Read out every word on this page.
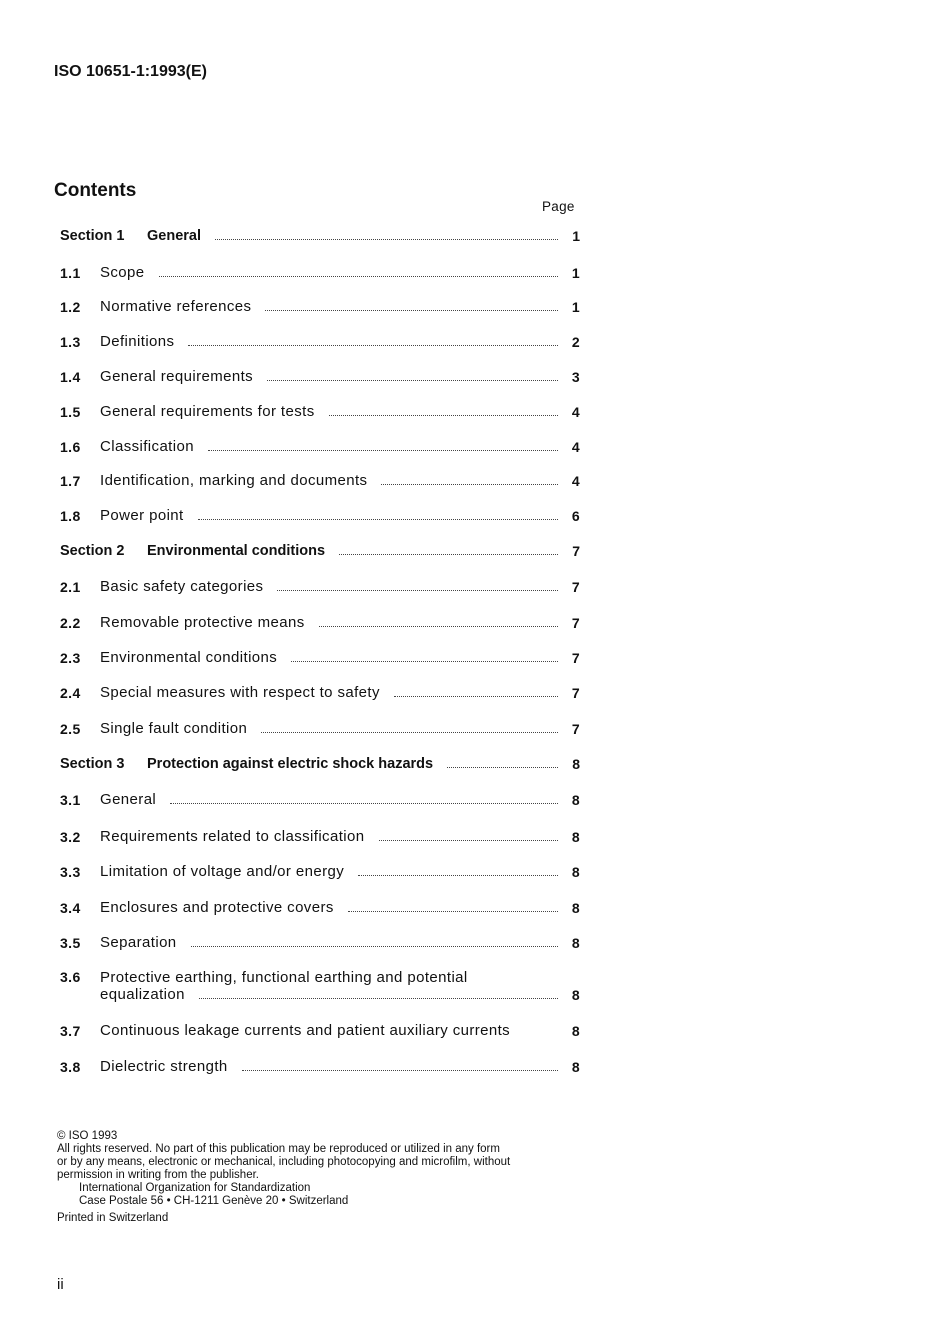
ISO 10651-1:1993(E)
Contents
Page
Section 1	General	1
1.1	Scope	1
1.2	Normative references	1
1.3	Definitions	2
1.4	General requirements	3
1.5	General requirements for tests	4
1.6	Classification	4
1.7	Identification, marking and documents	4
1.8	Power point	6
Section 2	Environmental conditions	7
2.1	Basic safety categories	7
2.2	Removable protective means	7
2.3	Environmental conditions	7
2.4	Special measures with respect to safety	7
2.5	Single fault condition	7
Section 3	Protection against electric shock hazards	8
3.1	General	8
3.2	Requirements related to classification	8
3.3	Limitation of voltage and/or energy	8
3.4	Enclosures and protective covers	8
3.5	Separation	8
3.6	Protective earthing, functional earthing and potential
equalization	8
3.7	Continuous leakage currents and patient auxiliary currents	8
3.8	Dielectric strength	8
© ISO 1993
All rights reserved. No part of this publication may be reproduced or utilized in any form
or by any means, electronic or mechanical, including photocopying and microfilm, without
permission in writing from the publisher.
International Organization for Standardization
Case Postale 56 • CH-1211 Genève 20 • Switzerland
Printed in Switzerland
ii
